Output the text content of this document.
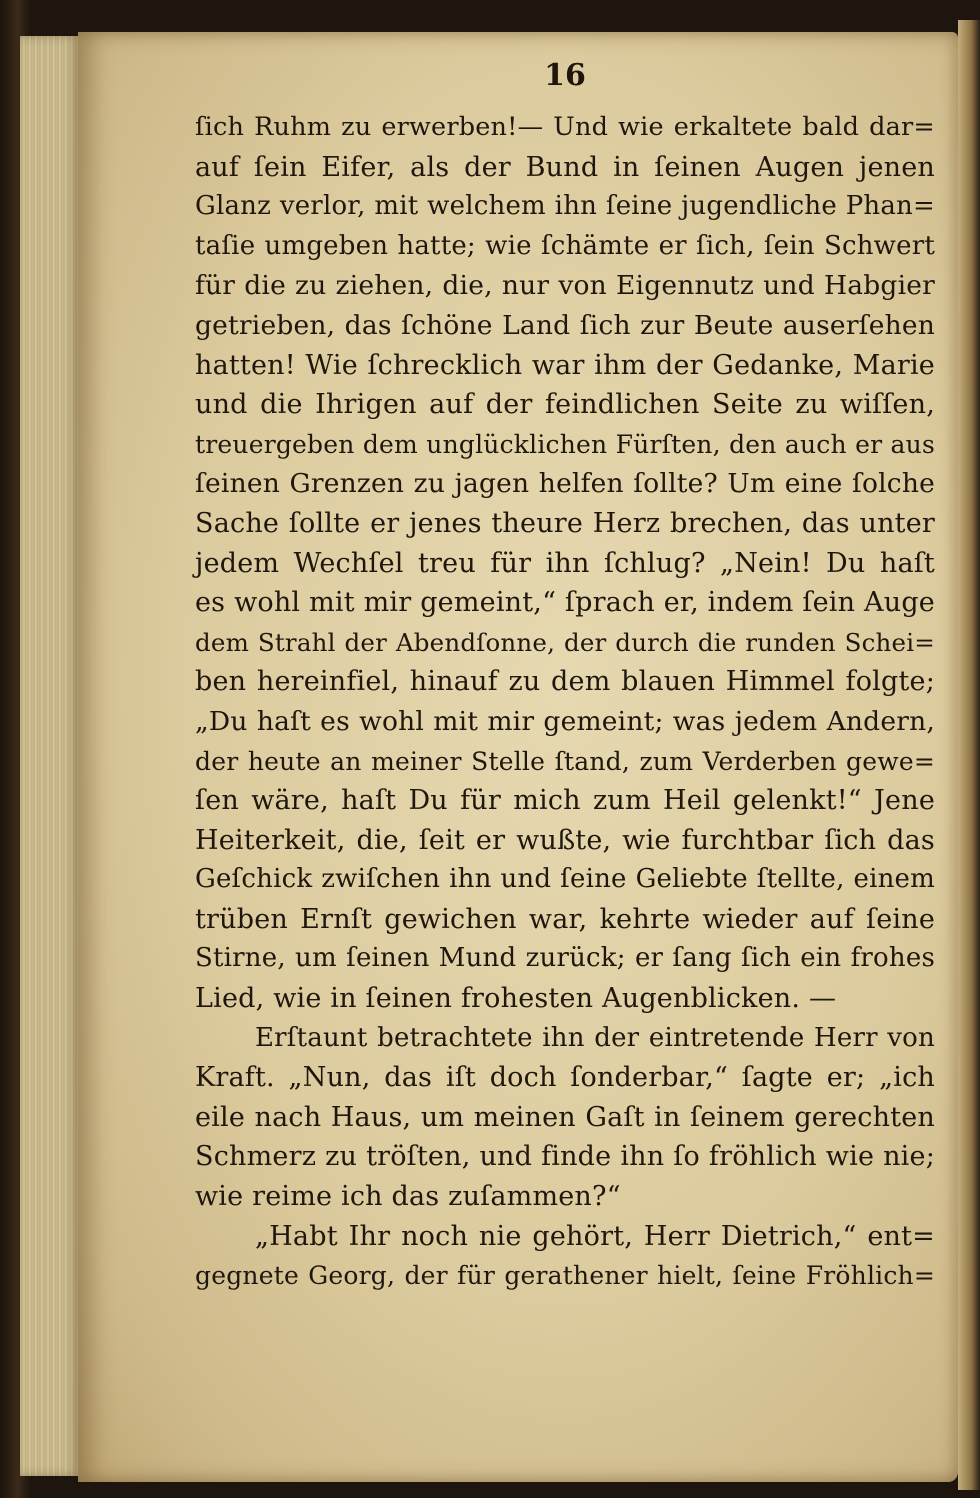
16
ſich Ruhm zu erwerben!— Und wie erkaltete bald dar=
auf ſein Eifer, als der Bund in ſeinen Augen jenen
Glanz verlor, mit welchem ihn ſeine jugendliche Phan=
taſie umgeben hatte; wie ſchämte er ſich, ſein Schwert
für die zu ziehen, die, nur von Eigennutz und Habgier
getrieben, das ſchöne Land ſich zur Beute auserſehen
hatten! Wie ſchrecklich war ihm der Gedanke, Marie
und die Ihrigen auf der feindlichen Seite zu wiſſen,
treuergeben dem unglücklichen Fürſten, den auch er aus
ſeinen Grenzen zu jagen helfen ſollte? Um eine ſolche
Sache ſollte er jenes theure Herz brechen, das unter
jedem Wechſel treu für ihn ſchlug? „Nein! Du haſt
es wohl mit mir gemeint,“ ſprach er, indem ſein Auge
dem Strahl der Abendſonne, der durch die runden Schei=
ben hereinfiel, hinauf zu dem blauen Himmel folgte;
„Du haſt es wohl mit mir gemeint; was jedem Andern,
der heute an meiner Stelle ſtand, zum Verderben gewe=
ſen wäre, haſt Du für mich zum Heil gelenkt!“ Jene
Heiterkeit, die, ſeit er wußte, wie furchtbar ſich das
Geſchick zwiſchen ihn und ſeine Geliebte ſtellte, einem
trüben Ernſt gewichen war, kehrte wieder auf ſeine
Stirne, um ſeinen Mund zurück; er ſang ſich ein frohes
Lied, wie in ſeinen frohesten Augenblicken. —
Erſtaunt betrachtete ihn der eintretende Herr von
Kraft. „Nun, das iſt doch ſonderbar,“ ſagte er; „ich
eile nach Haus, um meinen Gaſt in ſeinem gerechten
Schmerz zu tröſten, und finde ihn ſo fröhlich wie nie;
wie reime ich das zuſammen?“
„Habt Ihr noch nie gehört, Herr Dietrich,“ ent=
gegnete Georg, der für gerathener hielt, ſeine Fröhlich=
